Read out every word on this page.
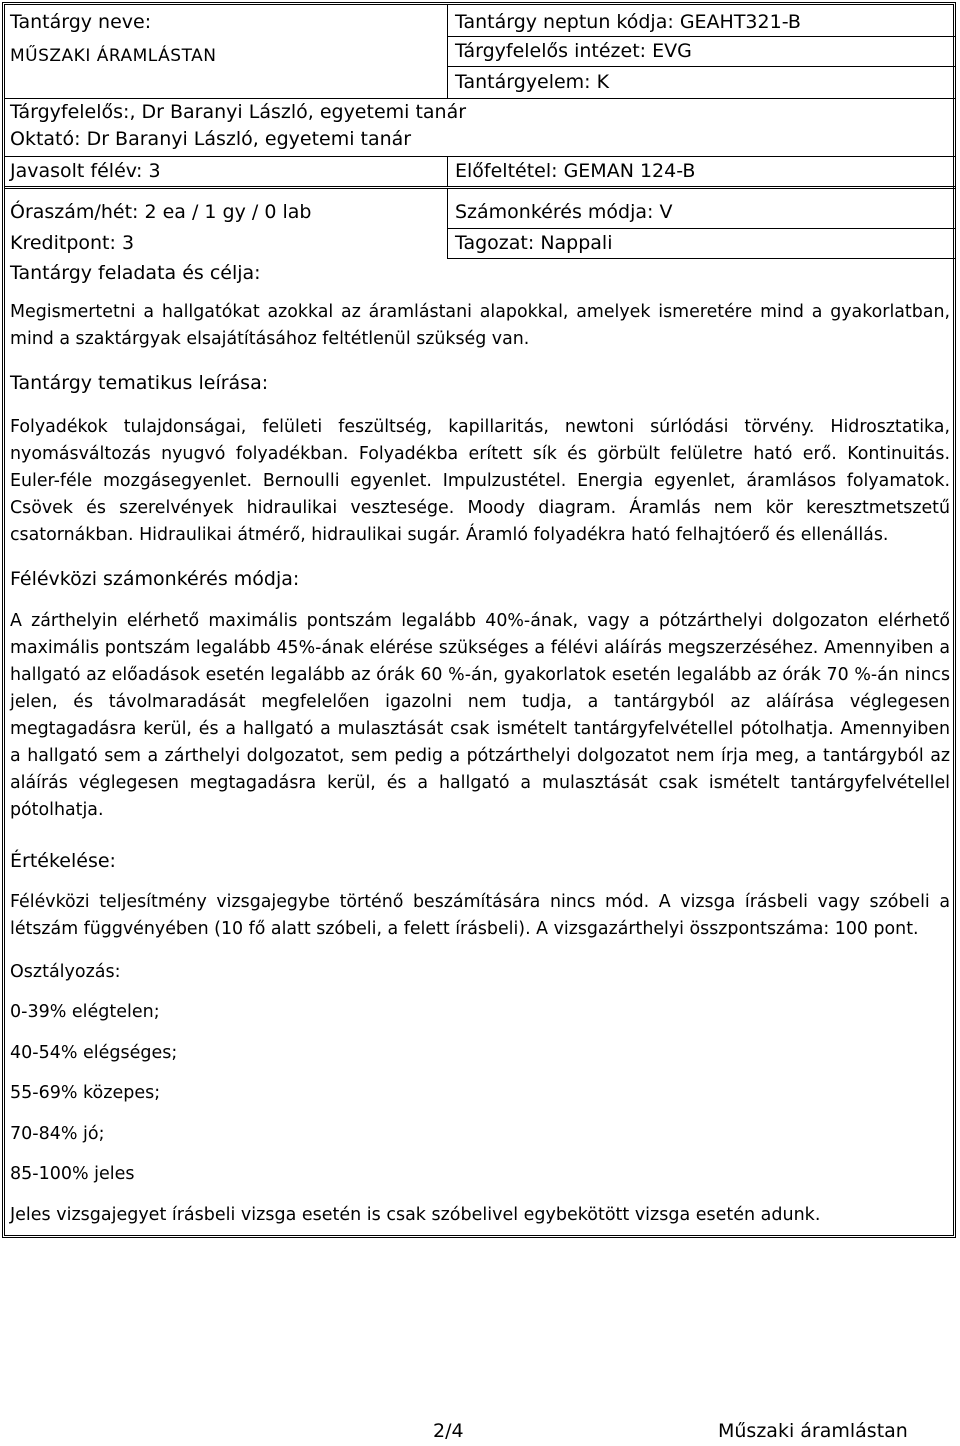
Tantárgy neve:
MŰSZAKI ÁRAMLÁSTAN
Tantárgy neptun kódja: GEAHT321-B
Tárgyfelelős intézet: EVG
Tantárgyelem: K
Tárgyfelelős:, Dr Baranyi László, egyetemi tanár
Oktató: Dr Baranyi László, egyetemi tanár
Javasolt félév: 3	Előfeltétel: GEMAN 124-B
Óraszám/hét: 2 ea / 1 gy / 0 lab	Számonkérés módja: V
Kreditpont: 3	Tagozat: Nappali
Tantárgy feladata és célja:
Megismertetni a hallgatókat azokkal az áramlástani alapokkal, amelyek ismeretére mind a gyakorlatban, mind a szaktárgyak elsajátításához feltétlenül szükség van.
Tantárgy tematikus leírása:
Folyadékok tulajdonságai, felületi feszültség, kapillaritás, newtoni súrlódási törvény. Hidrosztatika, nyomásváltozás nyugvó folyadékban. Folyadékba erített sík és görbült felületre ható erő. Kontinuitás. Euler-féle mozgásegyenlet. Bernoulli egyenlet. Impulzustétel. Energia egyenlet, áramlásos folyamatok. Csövek és szerelvények hidraulikai vesztesége. Moody diagram. Áramlás nem kör keresztmetszetű csatornákban. Hidraulikai átmérő, hidraulikai sugár. Áramló folyadékra ható felhajtóerő és ellenállás.
Félévközi számonkérés módja:
A zárthelyin elérhető maximális pontszám legalább 40%-ának, vagy a pótzárthelyi dolgozaton elérhető maximális pontszám legalább 45%-ának elérése szükséges a félévi aláírás megszerzéséhez. Amennyiben a hallgató az előadások esetén legalább az órák 60 %-án, gyakorlatok esetén legalább az órák 70 %-án nincs jelen, és távolmaradását megfelelően igazolni nem tudja, a tantárgyból az aláírása véglegesen megtagadásra kerül, és a hallgató a mulasztását csak ismételt tantárgyfelvétellel pótolhatja. Amennyiben a hallgató sem a zárthelyi dolgozatot, sem pedig a pótzárthelyi dolgozatot nem írja meg, a tantárgyból az aláírás véglegesen megtagadásra kerül, és a hallgató a mulasztását csak ismételt tantárgyfelvétellel pótolhatja.
Értékelése:
Félévközi teljesítmény vizsgajegybe történő beszámítására nincs mód. A vizsga írásbeli vagy szóbeli a létszám függvényében (10 fő alatt szóbeli, a felett írásbeli). A vizsgazárthelyi összpontszáma: 100 pont.
Osztályozás:
0-39% elégtelen;
40-54% elégséges;
55-69% közepes;
70-84% jó;
85-100% jeles
Jeles vizsgajegyet írásbeli vizsga esetén is csak szóbelivel egybekötött vizsga esetén adunk.
2/4	Műszaki áramlástan
